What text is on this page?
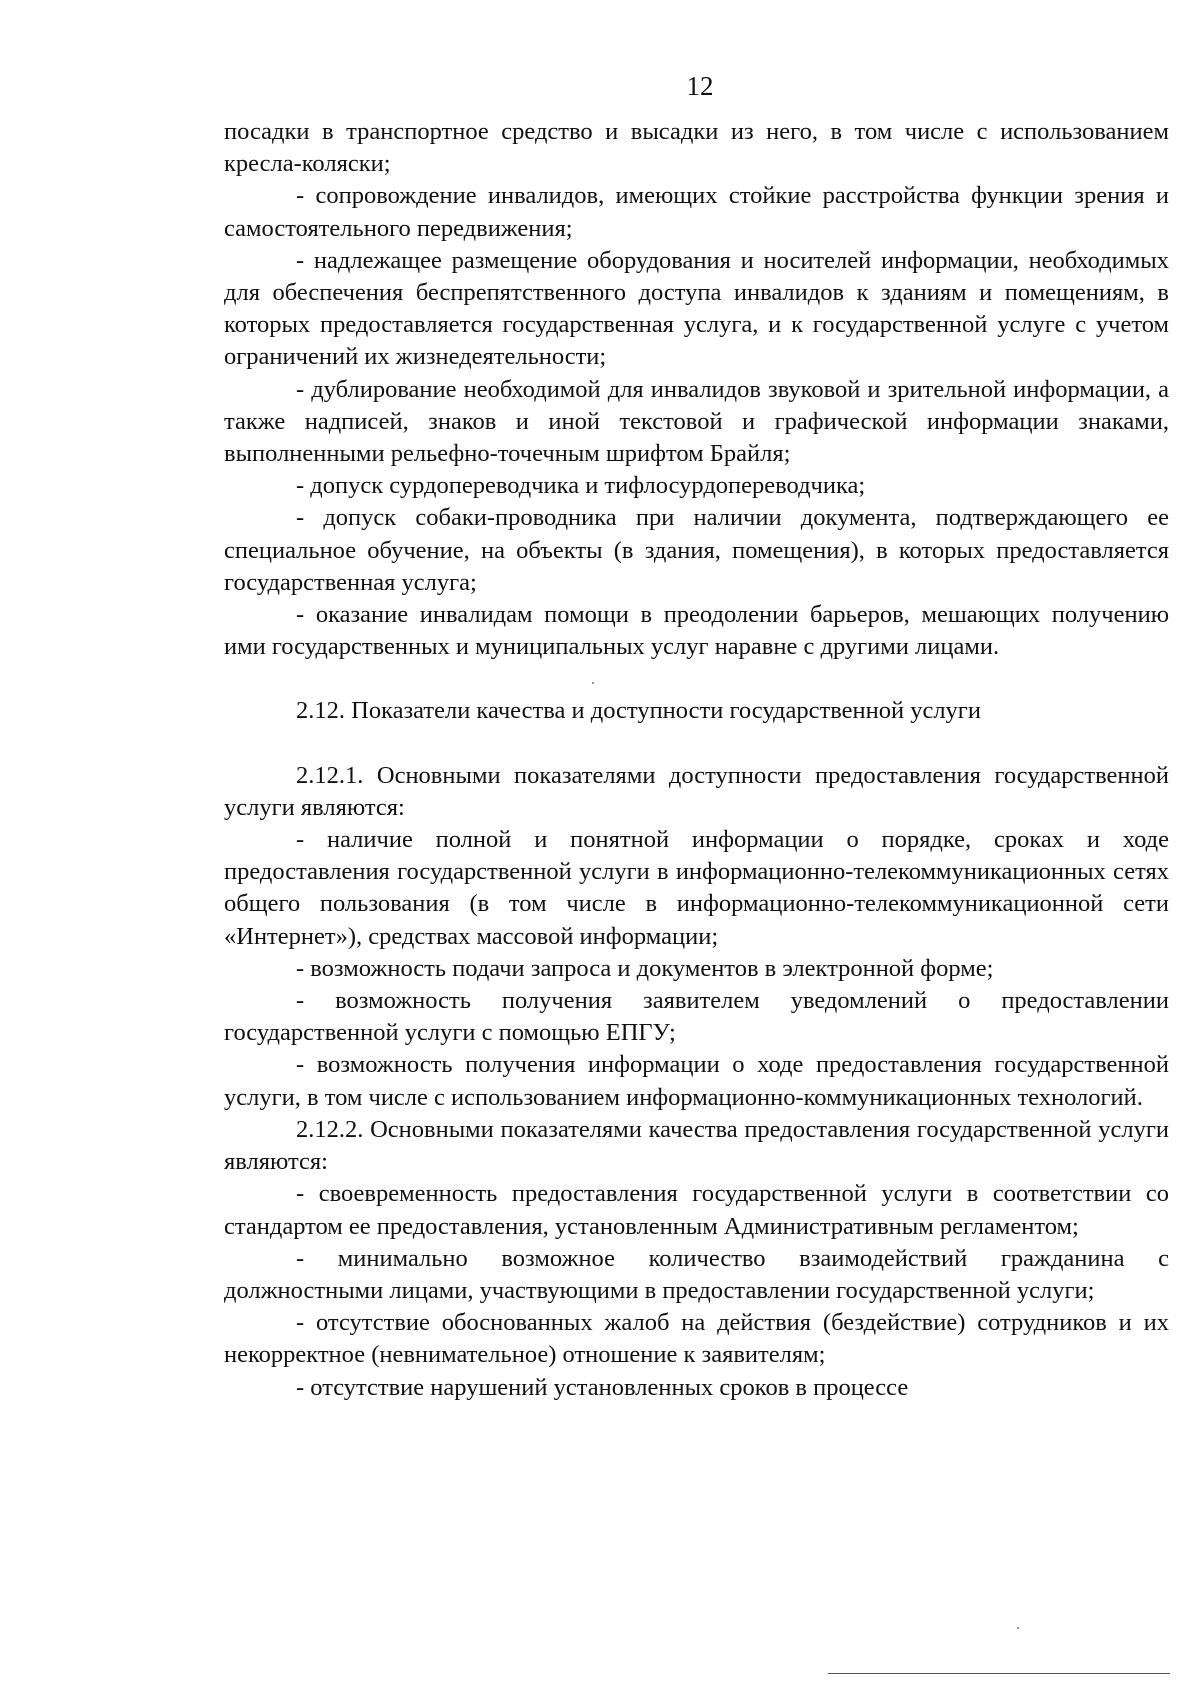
12

посадки в транспортное средство и высадки из него, в том числе с использованием кресла-коляски;

- сопровождение инвалидов, имеющих стойкие расстройства функции зрения и самостоятельного передвижения;

- надлежащее размещение оборудования и носителей информации, необходимых для обеспечения беспрепятственного доступа инвалидов к зданиям и помещениям, в которых предоставляется государственная услуга, и к государственной услуге с учетом ограничений их жизнедеятельности;

- дублирование необходимой для инвалидов звуковой и зрительной информации, а также надписей, знаков и иной текстовой и графической информации знаками, выполненными рельефно-точечным шрифтом Брайля;

- допуск сурдопереводчика и тифлосурдопереводчика;

- допуск собаки-проводника при наличии документа, подтверждающего ее специальное обучение, на объекты (в здания, помещения), в которых предоставляется государственная услуга;

- оказание инвалидам помощи в преодолении барьеров, мешающих получению ими государственных и муниципальных услуг наравне с другими лицами.

2.12. Показатели качества и доступности государственной услуги

2.12.1. Основными показателями доступности предоставления государственной услуги являются:

- наличие полной и понятной информации о порядке, сроках и ходе предоставления государственной услуги в информационно-телекоммуникационных сетях общего пользования (в том числе в информационно-телекоммуникационной сети «Интернет»), средствах массовой информации;

- возможность подачи запроса и документов в электронной форме;

- возможность получения заявителем уведомлений о предоставлении государственной услуги с помощью ЕПГУ;

- возможность получения информации о ходе предоставления государственной услуги, в том числе с использованием информационно-коммуникационных технологий.

2.12.2. Основными показателями качества предоставления государственной услуги являются:

- своевременность предоставления государственной услуги в соответствии со стандартом ее предоставления, установленным Административным регламентом;

- минимально возможное количество взаимодействий гражданина с должностными лицами, участвующими в предоставлении государственной услуги;

- отсутствие обоснованных жалоб на действия (бездействие) сотрудников и их некорректное (невнимательное) отношение к заявителям;

- отсутствие нарушений установленных сроков в процессе
